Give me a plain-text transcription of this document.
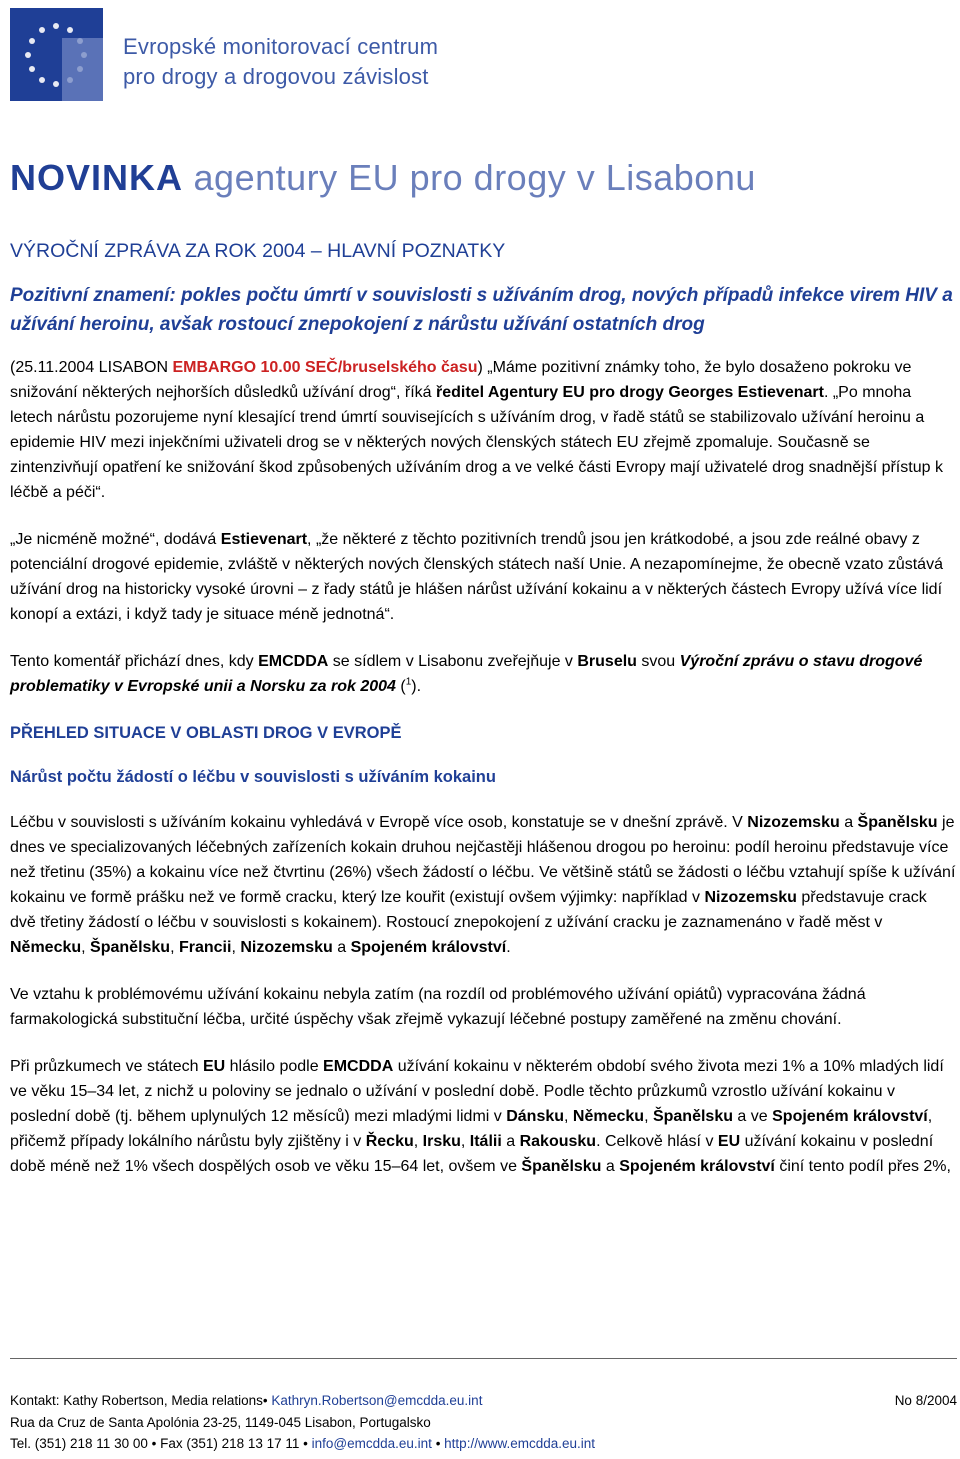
Evropské monitorovací centrum
pro drogy a drogovou závislost
NOVINKA agentury EU pro drogy v Lisabonu
VÝROČNÍ ZPRÁVA ZA ROK 2004 – HLAVNÍ POZNATKY
Pozitivní znamení: pokles počtu úmrtí v souvislosti s užíváním drog, nových případů infekce virem HIV a užívání heroinu, avšak rostoucí znepokojení z nárůstu užívání ostatních drog

(25.11.2004 LISABON EMBARGO 10.00 SEČ/bruselského času) „Máme pozitivní známky toho, že bylo dosaženo pokroku ve snižování některých nejhorších důsledků užívání drog“, říká ředitel Agentury EU pro drogy Georges Estievenart. „Po mnoha letech nárůstu pozorujeme nyní klesající trend úmrtí souvisejících s užíváním drog, v řadě států se stabilizovalo užívání heroinu a epidemie HIV mezi injekčními uživateli drog se v některých nových členských státech EU zřejmě zpomaluje. Současně se zintenzivňují opatření ke snižování škod způsobených užíváním drog a ve velké části Evropy mají uživatelé drog snadnější přístup k léčbě a péči“.

„Je nicméně možné“, dodává Estievenart, „že některé z těchto pozitivních trendů jsou jen krátkodobé, a jsou zde reálné obavy z potenciální drogové epidemie, zvláště v některých nových členských státech naší Unie. A nezapomínejme, že obecně vzato zůstává užívání drog na historicky vysoké úrovni – z řady států je hlášen nárůst užívání kokainu a v některých částech Evropy užívá více lidí konopí a extázi, i když tady je situace méně jednotná“.

Tento komentář přichází dnes, kdy EMCDDA se sídlem v Lisabonu zveřejňuje v Bruselu svou Výroční zprávu o stavu drogové problematiky v Evropské unii a Norsku za rok 2004 ($^1$).

PŘEHLED SITUACE V OBLASTI DROG V EVROPĚ
Nárůst počtu žádostí o léčbu v souvislosti s užíváním kokainu

Léčbu v souvislosti s užíváním kokainu vyhledává v Evropě více osob, konstatuje se v dnešní zprávě. V Nizozemsku a Španělsku je dnes ve specializovaných léčebných zařízeních kokain druhou nejčastěji hlášenou drogou po heroinu: podíl heroinu představuje více než třetinu (35%) a kokainu více než čtvrtinu (26%) všech žádostí o léčbu. Ve většině států se žádosti o léčbu vztahují spíše k užívání kokainu ve formě prášku než ve formě cracku, který lze kouřit (existují ovšem výjimky: například v Nizozemsku představuje crack dvě třetiny žádostí o léčbu v souvislosti s kokainem). Rostoucí znepokojení z užívání cracku je zaznamenáno v řadě měst v Německu, Španělsku, Francii, Nizozemsku a Spojeném království.

Ve vztahu k problémovému užívání kokainu nebyla zatím (na rozdíl od problémového užívání opiátů) vypracována žádná farmakologická substituční léčba, určité úspěchy však zřejmě vykazují léčebné postupy zaměřené na změnu chování.

Při průzkumech ve státech EU hlásilo podle EMCDDA užívání kokainu v některém období svého života mezi 1% a 10% mladých lidí ve věku 15–34 let, z nichž u poloviny se jednalo o užívání v poslední době. Podle těchto průzkumů vzrostlo užívání kokainu v poslední době (tj. během uplynulých 12 měsíců) mezi mladými lidmi v Dánsku, Německu, Španělsku a ve Spojeném království, přičemž případy lokálního nárůstu byly zjištěny i v Řecku, Irsku, Itálii a Rakousku. Celkově hlásí v EU užívání kokainu v poslední době méně než 1% všech dospělých osob ve věku 15–64 let, ovšem ve Španělsku a Spojeném království činí tento podíl přes 2%,

Kontakt: Kathy Robertson, Media relations• Kathryn.Robertson@emcdda.eu.int	No 8/2004
Rua da Cruz de Santa Apolónia 23-25, 1149-045 Lisabon, Portugalsko
Tel. (351) 218 11 30 00 • Fax (351) 218 13 17 11 • info@emcdda.eu.int • http://www.emcdda.eu.int
